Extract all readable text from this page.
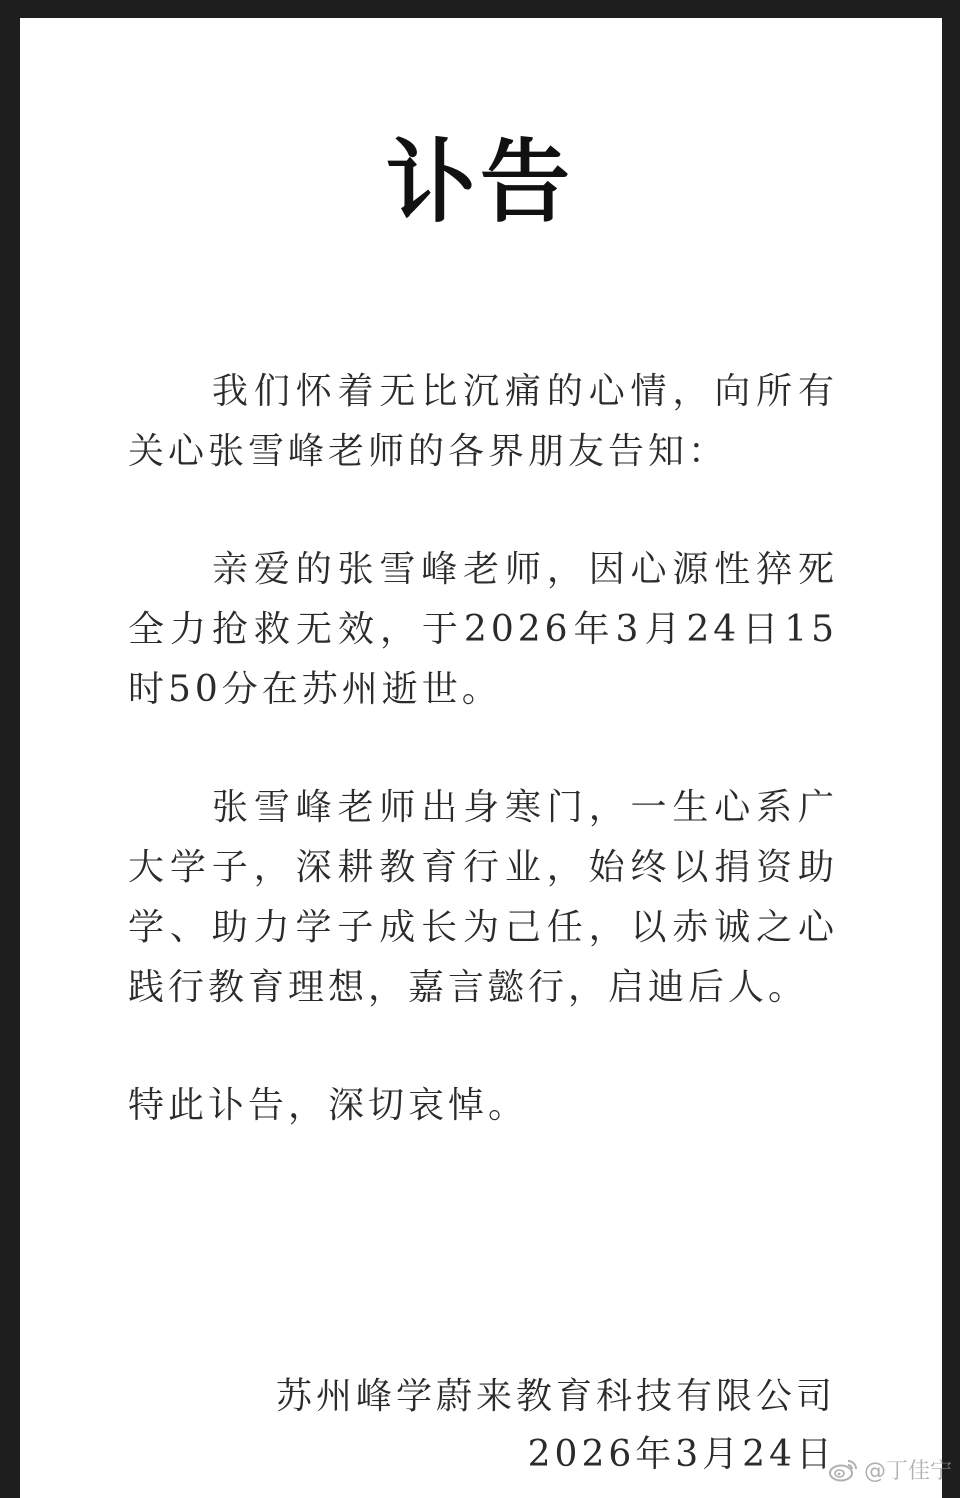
讣告

我们怀着无比沉痛的心情，向所有关心张雪峰老师的各界朋友告知：

亲爱的张雪峰老师，因心源性猝死全力抢救无效，于2026年3月24日15时50分在苏州逝世。

张雪峰老师出身寒门，一生心系广大学子，深耕教育行业，始终以捐资助学、助力学子成长为己任，以赤诚之心践行教育理想，嘉言懿行，启迪后人。

特此讣告，深切哀悼。

苏州峰学蔚来教育科技有限公司
2026年3月24日 @丁佳宁
